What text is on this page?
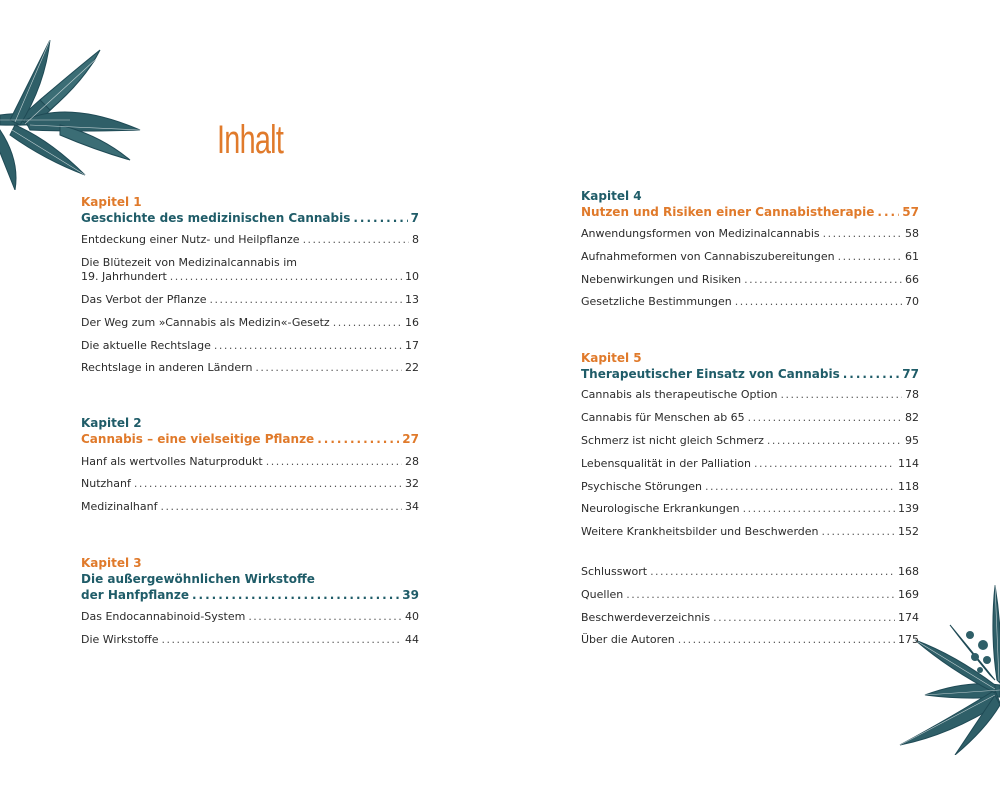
Inhalt
Kapitel 1
Geschichte des medizinischen Cannabis .....	7
Entdeckung einer Nutz- und Heilpflanze .....	8
Die Blütezeit von Medizinalcannabis im
19. Jahrhundert .....	10
Das Verbot der Pflanze .....	13
Der Weg zum »Cannabis als Medizin«-Gesetz .....	16
Die aktuelle Rechtslage .....	17
Rechtslage in anderen Ländern .....	22
Kapitel 2
Cannabis – eine vielseitige Pflanze .....	27
Hanf als wertvolles Naturprodukt .....	28
Nutzhanf .....	32
Medizinalhanf .....	34
Kapitel 3
Die außergewöhnlichen Wirkstoffe
der Hanfpflanze .....	39
Das Endocannabinoid-System .....	40
Die Wirkstoffe .....	44
Kapitel 4
Nutzen und Risiken einer Cannabistherapie ..... 57
Anwendungsformen von Medizinalcannabis .....	58
Aufnahmeformen von Cannabiszubereitungen .....	61
Nebenwirkungen und Risiken .....	66
Gesetzliche Bestimmungen .....	70
Kapitel 5
Therapeutischer Einsatz von Cannabis .....	77
Cannabis als therapeutische Option .....	78
Cannabis für Menschen ab 65 .....	82
Schmerz ist nicht gleich Schmerz .....	95
Lebensqualität in der Palliation .....	114
Psychische Störungen .....	118
Neurologische Erkrankungen .....	139
Weitere Krankheitsbilder und Beschwerden .....	152
Schlusswort .....	168
Quellen .....	169
Beschwerdeverzeichnis .....	174
Über die Autoren .....	175
